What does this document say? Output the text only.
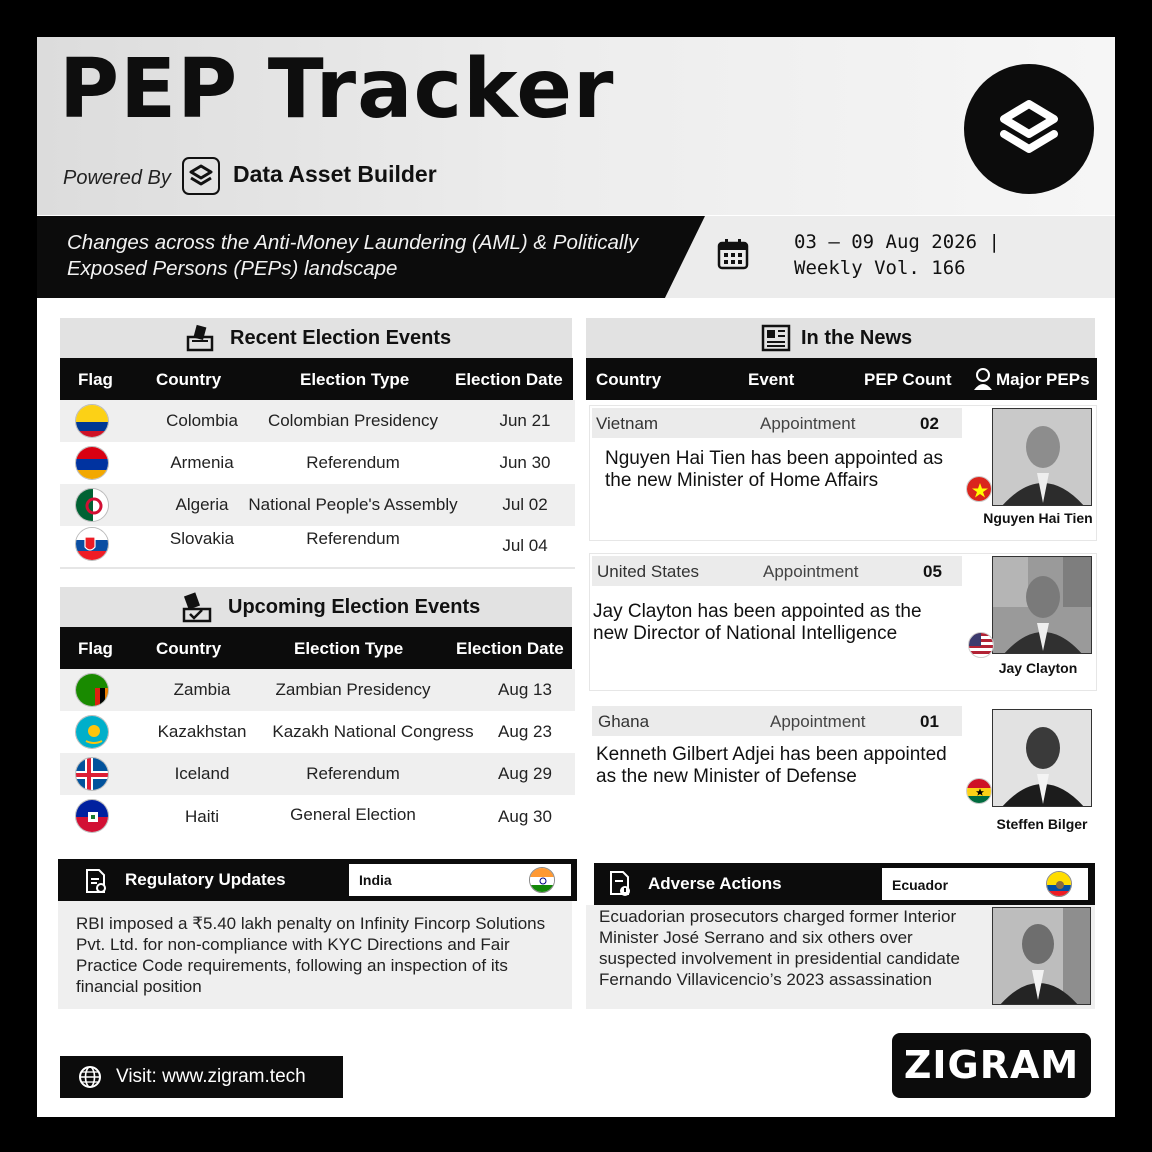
PEP Tracker
Powered By	Data Asset Builder
Changes across the Anti-Money Laundering (AML) & Politically Exposed Persons (PEPs) landscape
03 – 09 Aug 2026 |
Weekly Vol. 166
Recent Election Events
Flag	Country	Election Type	Election Date
Colombia	Colombian Presidency	Jun 21
Armenia	Referendum	Jun 30
Algeria	National People's Assembly	Jul 02
Slovakia	Referendum	Jul 04
Upcoming Election Events
Flag	Country	Election Type	Election Date
Zambia	Zambian Presidency	Aug 13
Kazakhstan	Kazakh National Congress	Aug 23
Iceland	Referendum	Aug 29
Haiti	General Election	Aug 30
In the News
Country	Event	PEP Count	Major PEPs
Vietnam	Appointment	02
Nguyen Hai Tien has been appointed as the new Minister of Home Affairs
Nguyen Hai Tien
United States	Appointment	05
Jay Clayton has been appointed as the new Director of National Intelligence
Jay Clayton
Ghana	Appointment	01
Kenneth Gilbert Adjei has been appointed as the new Minister of Defense
Steffen Bilger
Regulatory Updates	India
RBI imposed a ₹5.40 lakh penalty on Infinity Fincorp Solutions Pvt. Ltd. for non-compliance with KYC Directions and Fair Practice Code requirements, following an inspection of its financial position
Adverse Actions	Ecuador
Ecuadorian prosecutors charged former Interior Minister José Serrano and six others over suspected involvement in presidential candidate Fernando Villavicencio’s 2023 assassination
Visit: www.zigram.tech	ZIGRAM
